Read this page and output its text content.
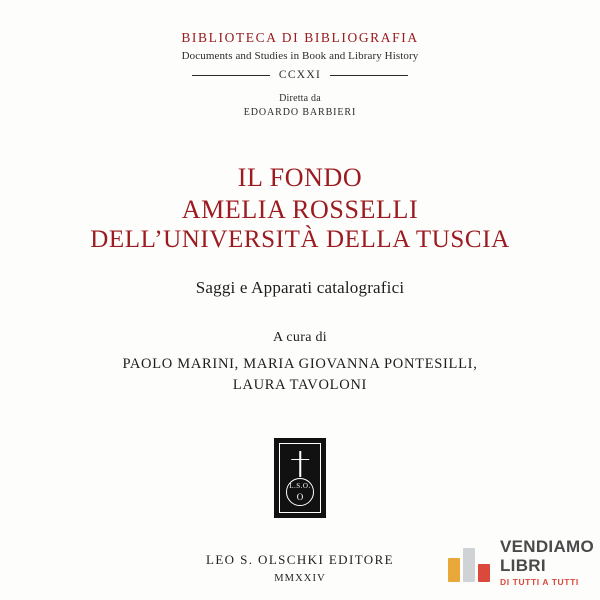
BIBLIOTECA DI BIBLIOGRAFIA
Documents and Studies in Book and Library History
CCXXI
Diretta da
EDOARDO BARBIERI
IL FONDO
AMELIA ROSSELLI
DELL’UNIVERSITÀ DELLA TUSCIA
Saggi e Apparati catalografici
A cura di
PAOLO MARINI, MARIA GIOVANNA PONTESILLI,
LAURA TAVOLONI
L.S.O.
O
LEO S. OLSCHKI EDITORE
MMXXIV
VENDIAMO
LIBRI
DI TUTTI A TUTTI
